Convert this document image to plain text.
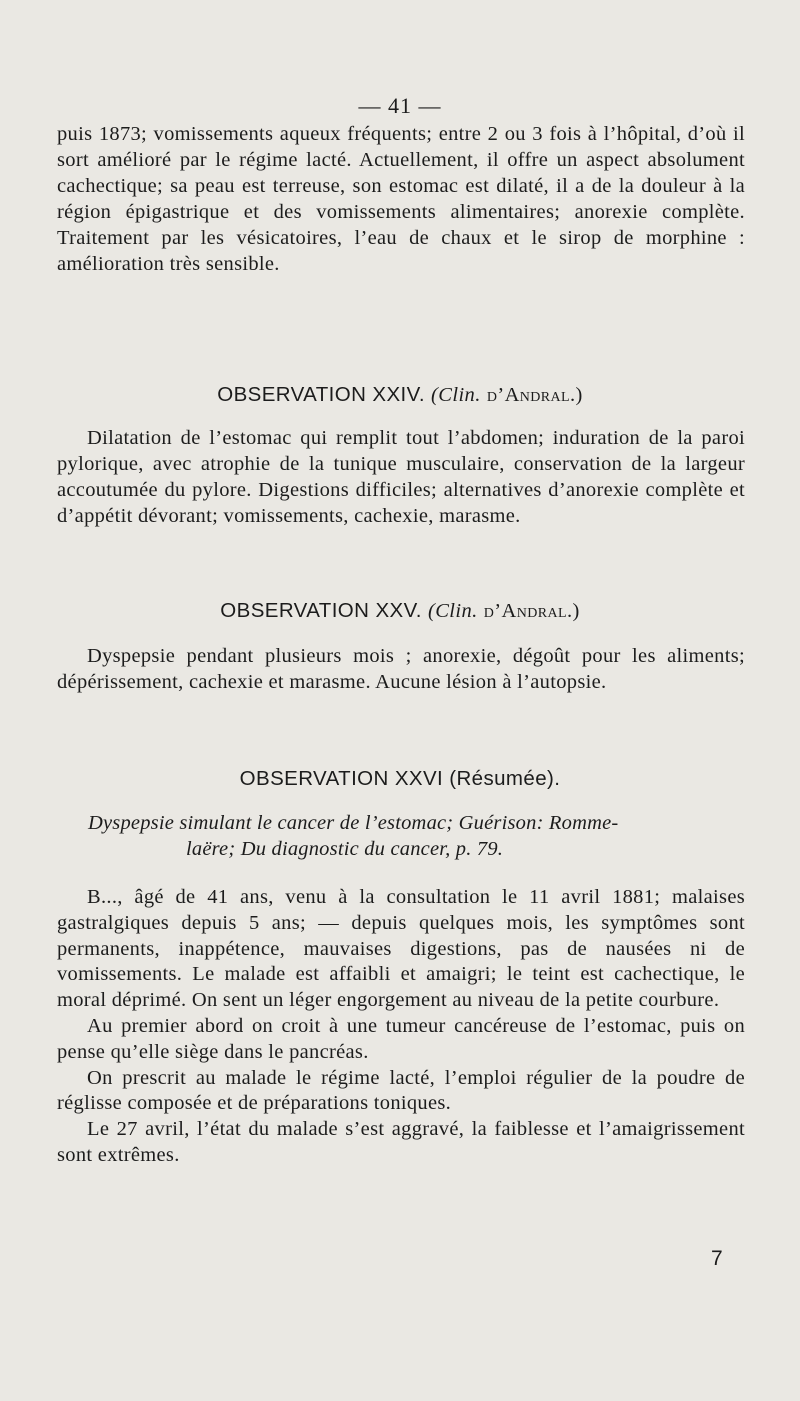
— 41 —

puis 1873; vomissements aqueux fréquents; entre 2 ou 3 fois à l’hôpital, d’où il sort amélioré par le régime lacté. Actuellement, il offre un aspect absolument cachectique; sa peau est terreuse, son estomac est dilaté, il a de la douleur à la région épigastrique et des vomissements alimentaires; anorexie complète. Traitement par les vésicatoires, l’eau de chaux et le sirop de morphine : amélioration très sensible.

OBSERVATION XXIV. (Clin. d’Andral.)

Dilatation de l’estomac qui remplit tout l’abdomen; induration de la paroi pylorique, avec atrophie de la tunique musculaire, conservation de la largeur accoutumée du pylore. Digestions difficiles; alternatives d’anorexie complète et d’appétit dévorant; vomissements, cachexie, marasme.

OBSERVATION XXV. (Clin. d’Andral.)

Dyspepsie pendant plusieurs mois ; anorexie, dégoût pour les aliments; dépérissement, cachexie et marasme. Aucune lésion à l’autopsie.

OBSERVATION XXVI (Résumée).
Dyspepsie simulant le cancer de l’estomac; Guérison: Romme-
laëre; Du diagnostic du cancer, p. 79.

B..., âgé de 41 ans, venu à la consultation le 11 avril 1881; malaises gastralgiques depuis 5 ans; — depuis quelques mois, les symptômes sont permanents, inappétence, mauvaises digestions, pas de nausées ni de vomissements. Le malade est affaibli et amaigri; le teint est cachectique, le moral déprimé. On sent un léger engorgement au niveau de la petite courbure.

Au premier abord on croit à une tumeur cancéreuse de l’estomac, puis on pense qu’elle siège dans le pancréas.

On prescrit au malade le régime lacté, l’emploi régulier de la poudre de réglisse composée et de préparations toniques.

Le 27 avril, l’état du malade s’est aggravé, la faiblesse et l’amaigrissement sont extrêmes.

7
